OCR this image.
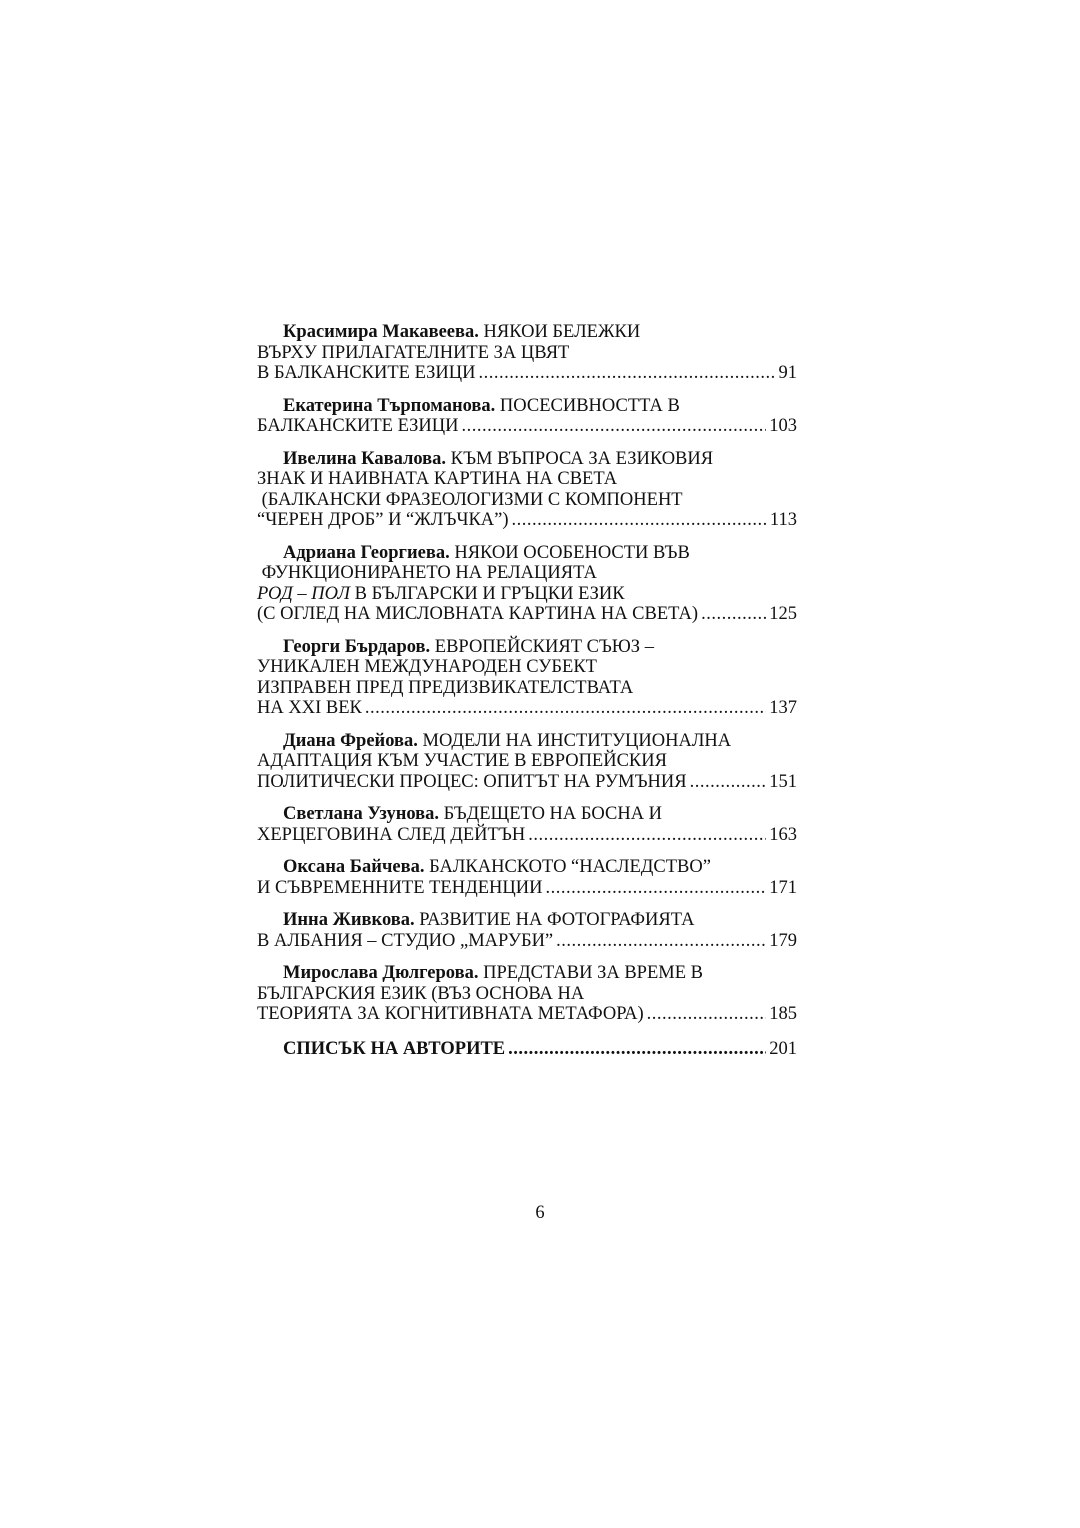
Красимира Макавеева. НЯКОИ БЕЛЕЖКИ
ВЪРХУ ПРИЛАГАТЕЛНИТЕ ЗА ЦВЯТ
В БАЛКАНСКИТЕ ЕЗИЦИ .....	91
Екатерина Търпоманова. ПОСЕСИВНОСТТА В
БАЛКАНСКИТЕ ЕЗИЦИ .....	103
Ивелина Кавалова. КЪМ ВЪПРОСА ЗА ЕЗИКОВИЯ
ЗНАК И НАИВНАТА КАРТИНА НА СВЕТА
(БАЛКАНСКИ ФРАЗЕОЛОГИЗМИ С КОМПОНЕНТ
“ЧЕРЕН ДРОБ” И “ЖЛЪЧКА”) .....	113
Адриана Георгиева. НЯКОИ ОСОБЕНОСТИ ВЪВ
ФУНКЦИОНИРАНЕТО НА РЕЛАЦИЯТА
РОД – ПОЛ В БЪЛГАРСКИ И ГРЪЦКИ ЕЗИК
(С ОГЛЕД НА МИСЛОВНАТА КАРТИНА НА СВЕТА) .....	125
Георги Бърдаров. ЕВРОПЕЙСКИЯТ СЪЮЗ –
УНИКАЛЕН МЕЖДУНАРОДЕН СУБЕКТ
ИЗПРАВЕН ПРЕД ПРЕДИЗВИКАТЕЛСТВАТА
НА XXI ВЕК .....	137
Диана Фрейова. МОДЕЛИ НА ИНСТИТУЦИОНАЛНА
АДАПТАЦИЯ КЪМ УЧАСТИЕ В ЕВРОПЕЙСКИЯ
ПОЛИТИЧЕСКИ ПРОЦЕС: ОПИТЪТ НА РУМЪНИЯ .....	151
Светлана Узунова. БЪДЕЩЕТО НА БОСНА И
ХЕРЦЕГОВИНА СЛЕД ДЕЙТЪН .....	163
Оксана Байчева. БАЛКАНСКОТО “НАСЛЕДСТВО”
И СЪВРЕМЕННИТЕ ТЕНДЕНЦИИ .....	171
Инна Живкова. РАЗВИТИЕ НА ФОТОГРАФИЯТА
В АЛБАНИЯ – СТУДИО „МАРУБИ” .....	179
Мирослава Дюлгерова. ПРЕДСТАВИ ЗА ВРЕМЕ В
БЪЛГАРСКИЯ ЕЗИК (ВЪЗ ОСНОВА НА
ТЕОРИЯТА ЗА КОГНИТИВНАТА МЕТАФОРА) .....	185
СПИСЪК НА АВТОРИТЕ .....	201
6
